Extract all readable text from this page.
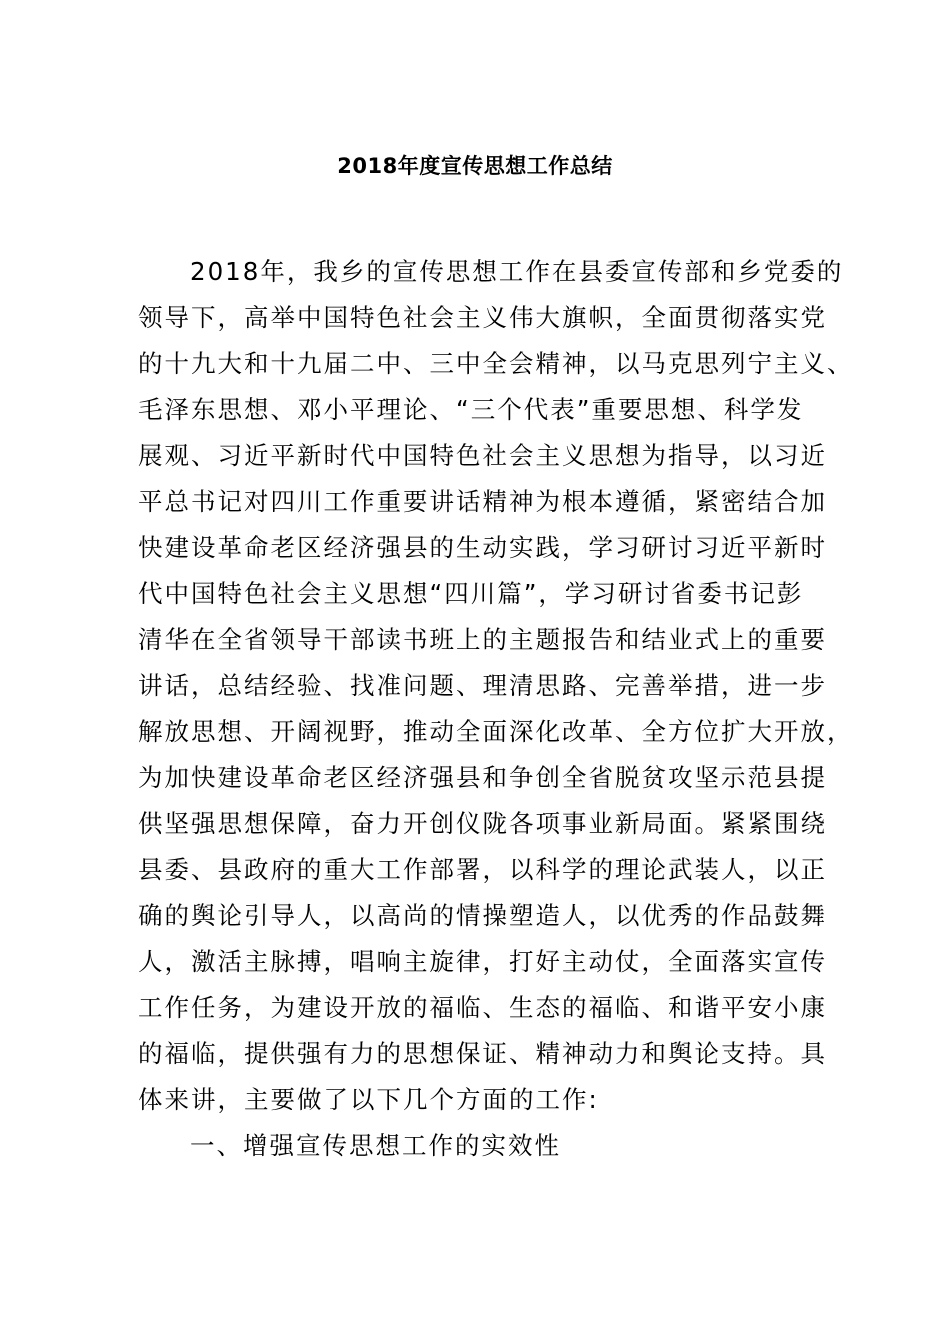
2018年度宣传思想工作总结
2018年，我乡的宣传思想工作在县委宣传部和乡党委的
领导下，高举中国特色社会主义伟大旗帜，全面贯彻落实党
的十九大和十九届二中、三中全会精神，以马克思列宁主义、
毛泽东思想、邓小平理论、“三个代表”重要思想、科学发
展观、习近平新时代中国特色社会主义思想为指导，以习近
平总书记对四川工作重要讲话精神为根本遵循，紧密结合加
快建设革命老区经济强县的生动实践，学习研讨习近平新时
代中国特色社会主义思想“四川篇”，学习研讨省委书记彭
清华在全省领导干部读书班上的主题报告和结业式上的重要
讲话，总结经验、找准问题、理清思路、完善举措，进一步
解放思想、开阔视野，推动全面深化改革、全方位扩大开放，
为加快建设革命老区经济强县和争创全省脱贫攻坚示范县提
供坚强思想保障，奋力开创仪陇各项事业新局面。紧紧围绕
县委、县政府的重大工作部署，以科学的理论武装人，以正
确的舆论引导人，以高尚的情操塑造人，以优秀的作品鼓舞
人，激活主脉搏，唱响主旋律，打好主动仗，全面落实宣传
工作任务，为建设开放的福临、生态的福临、和谐平安小康
的福临，提供强有力的思想保证、精神动力和舆论支持。具
体来讲，主要做了以下几个方面的工作:
一、增强宣传思想工作的实效性
